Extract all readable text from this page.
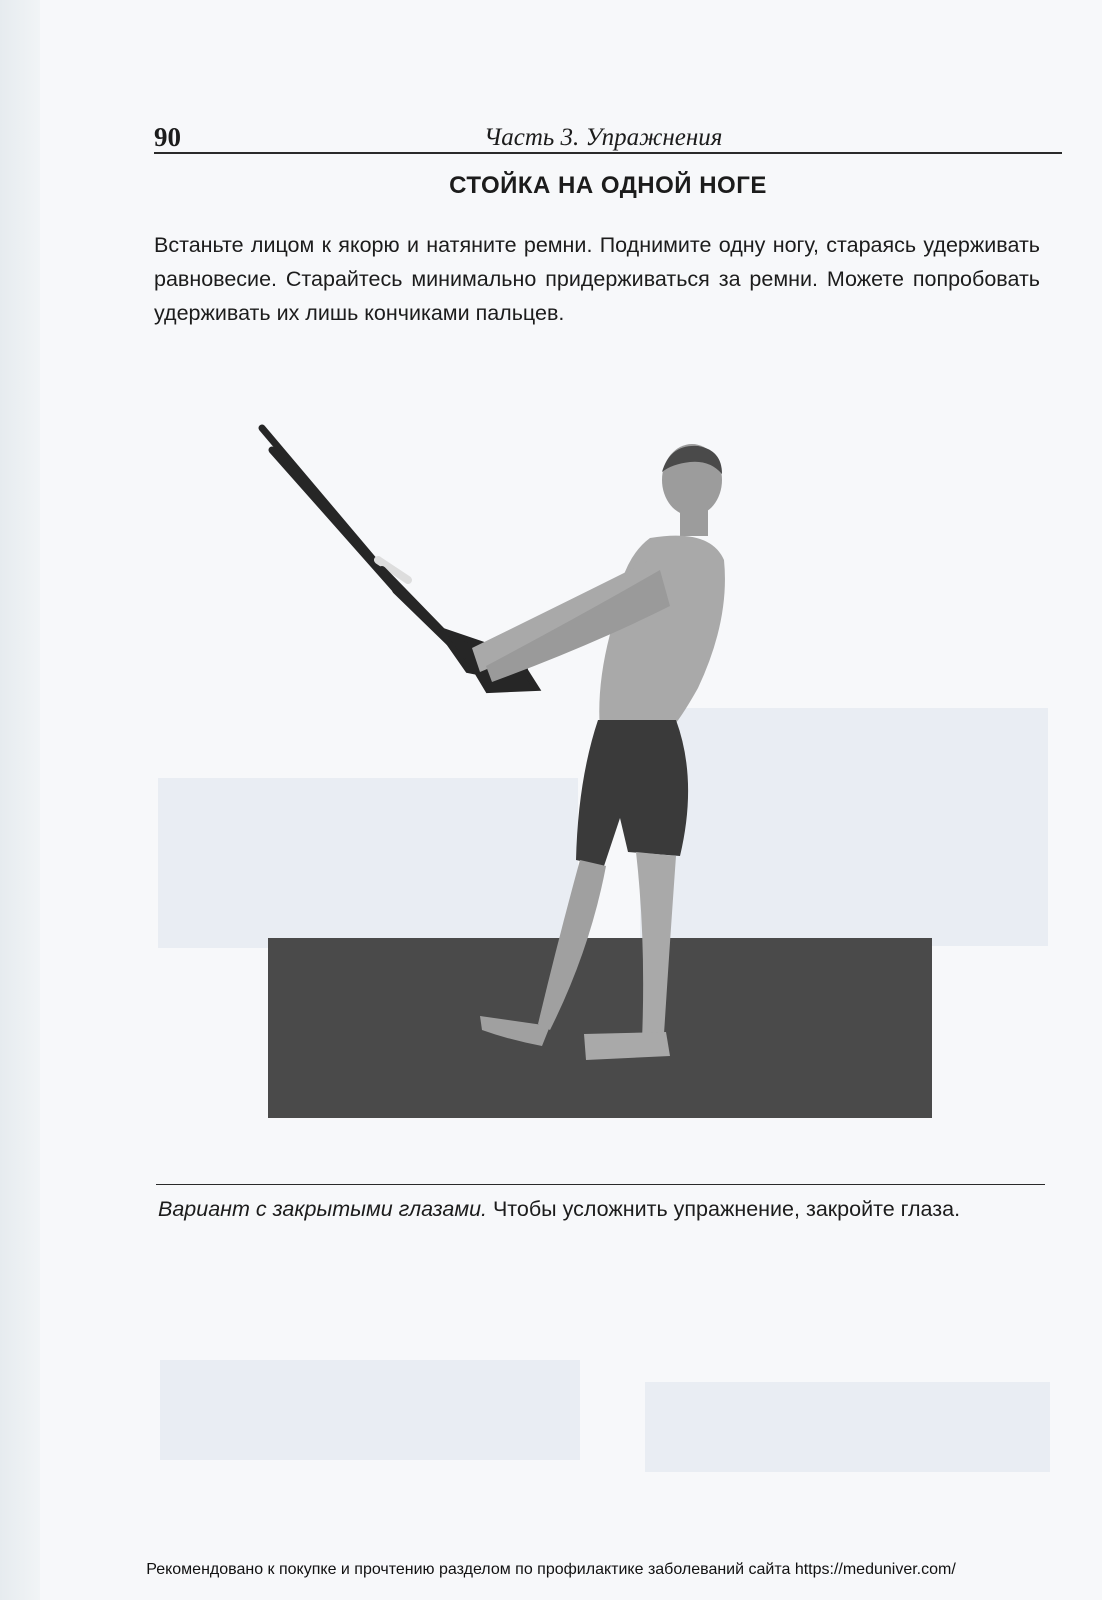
90	Часть 3. Упражнения
СТОЙКА НА ОДНОЙ НОГЕ

Встаньте лицом к якорю и натяните ремни. Поднимите одну ногу, стараясь удерживать равновесие. Старайтесь минимально придерживаться за ремни. Можете попробовать удерживать их лишь кончиками пальцев.

Вариант с закрытыми глазами. Чтобы усложнить упражнение, закройте глаза.

Рекомендовано к покупке и прочтению разделом по профилактике заболеваний сайта https://meduniver.com/
